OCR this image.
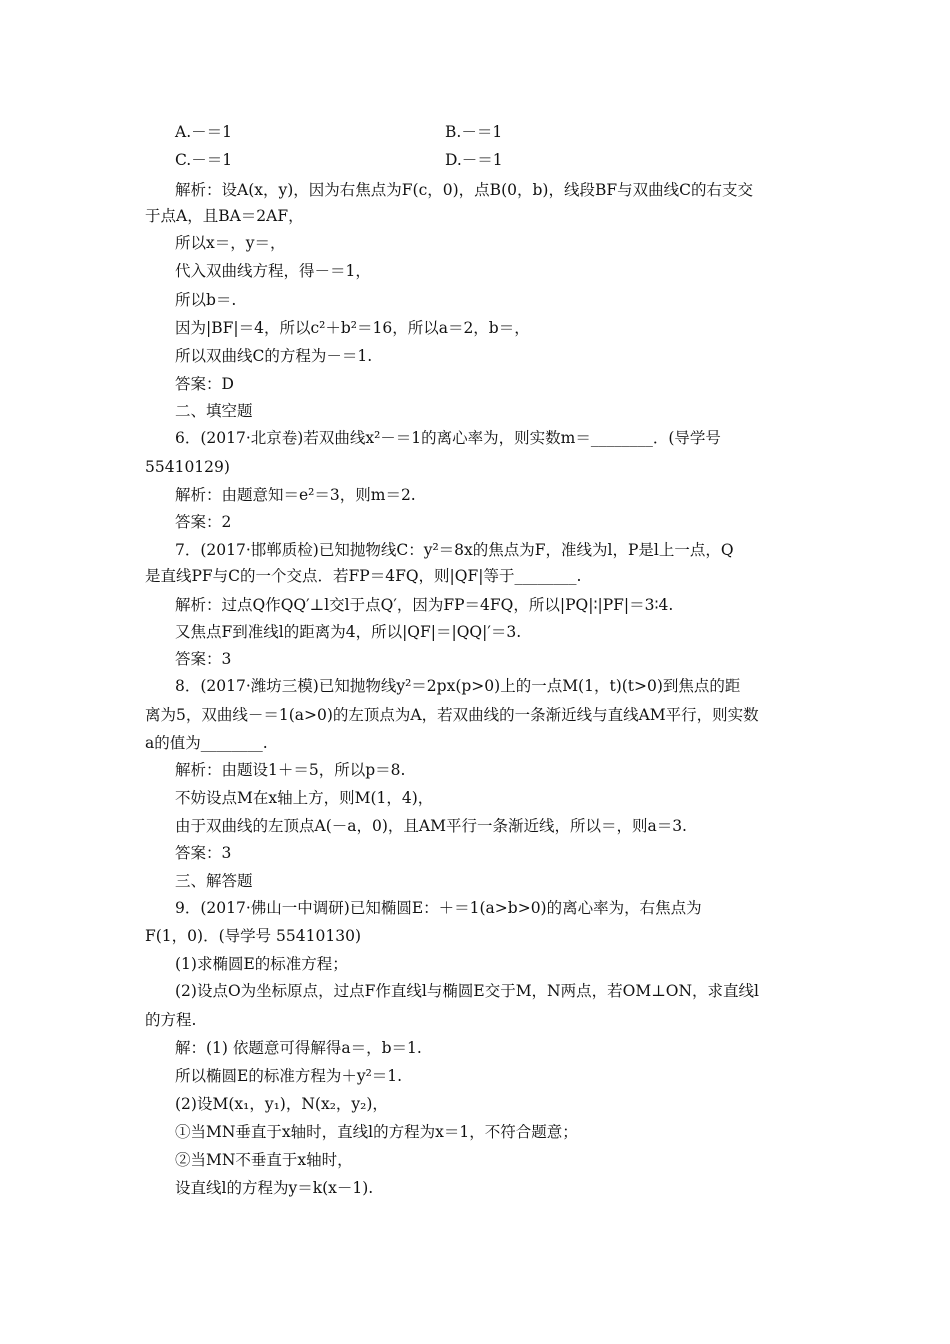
A.－＝1	B.－＝1
C.－＝1	D.－＝1
解析：设A(x，y)，因为右焦点为F(c，0)，点B(0，b)，线段BF与双曲线C的右支交
于点A，且BA＝2AF，
所以x＝，y＝，
代入双曲线方程，得－＝1，
所以b＝.
因为|BF|＝4，所以c²＋b²＝16，所以a＝2，b＝，
所以双曲线C的方程为－＝1.
答案：D
二、填空题
6．(2017·北京卷)若双曲线x²－＝1的离心率为，则实数m＝________．(导学号
55410129)
解析：由题意知＝e²＝3，则m＝2.
答案：2
7．(2017·邯郸质检)已知抛物线C：y²＝8x的焦点为F，准线为l，P是l上一点，Q
是直线PF与C的一个交点．若FP＝4FQ，则|QF|等于________.
解析：过点Q作QQ′⊥l交l于点Q′，因为FP＝4FQ，所以|PQ|∶|PF|＝3∶4.
又焦点F到准线l的距离为4，所以|QF|＝|QQ|′＝3.
答案：3
8．(2017·潍坊三模)已知抛物线y²＝2px(p>0)上的一点M(1，t)(t>0)到焦点的距
离为5，双曲线－＝1(a>0)的左顶点为A，若双曲线的一条渐近线与直线AM平行，则实数
a的值为________.
解析：由题设1＋＝5，所以p＝8.
不妨设点M在x轴上方，则M(1，4)，
由于双曲线的左顶点A(－a，0)，且AM平行一条渐近线，所以＝，则a＝3.
答案：3
三、解答题
9．(2017·佛山一中调研)已知椭圆E：＋＝1(a>b>0)的离心率为，右焦点为
F(1，0)．(导学号 55410130)
(1)求椭圆E的标准方程；
(2)设点O为坐标原点，过点F作直线l与椭圆E交于M，N两点，若OM⊥ON，求直线l
的方程.
解：(1) 依题意可得解得a＝，b＝1.
所以椭圆E的标准方程为＋y²＝1.
(2)设M(x₁，y₁)，N(x₂，y₂)，
①当MN垂直于x轴时，直线l的方程为x＝1，不符合题意；
②当MN不垂直于x轴时，
设直线l的方程为y＝k(x－1).
